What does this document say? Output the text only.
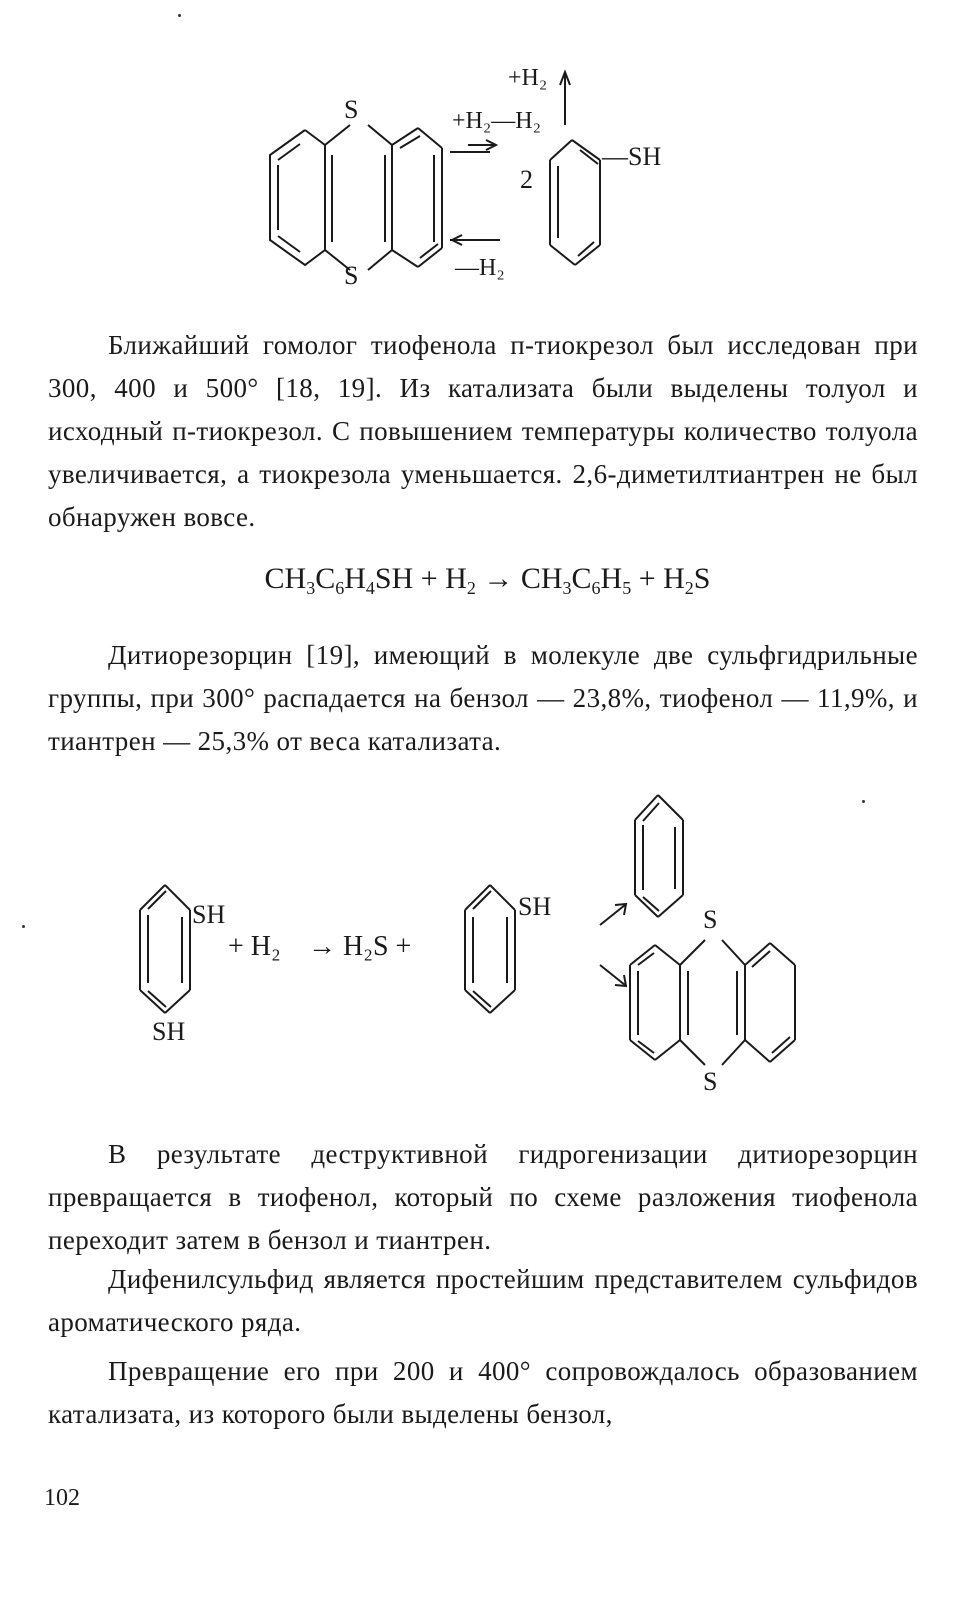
S
S
+H₂
+H₂—H₂
2
—H₂
—SH

Ближайший гомолог тиофенола п-тиокрезол был исследован при 300, 400 и 500° [18, 19]. Из катализата были выделены толуол и исходный п-тиокрезол. С повышением температуры количество толуола увеличивается, а тиокрезола уменьшается. 2,6-диметилтиантрен не был обнаружен вовсе.

$CH_3C_6H_4SH + H_2 \to CH_3C_6H_5 + H_2S$

Дитиорезорцин [19], имеющий в молекуле две сульфгидрильные группы, при 300° распадается на бензол — 23,8%, тиофенол — 11,9%, и тиантрен — 25,3% от веса катализата.

SH
SH
+ H₂ → H₂S +
SH	S
S

В результате деструктивной гидрогенизации дитиорезорцин превращается в тиофенол, который по схеме разложения тиофенола переходит затем в бензол и тиантрен.

Дифенилсульфид является простейшим представителем сульфидов ароматического ряда.

Превращение его при 200 и 400° сопровождалось образованием катализата, из которого были выделены бензол,

102
